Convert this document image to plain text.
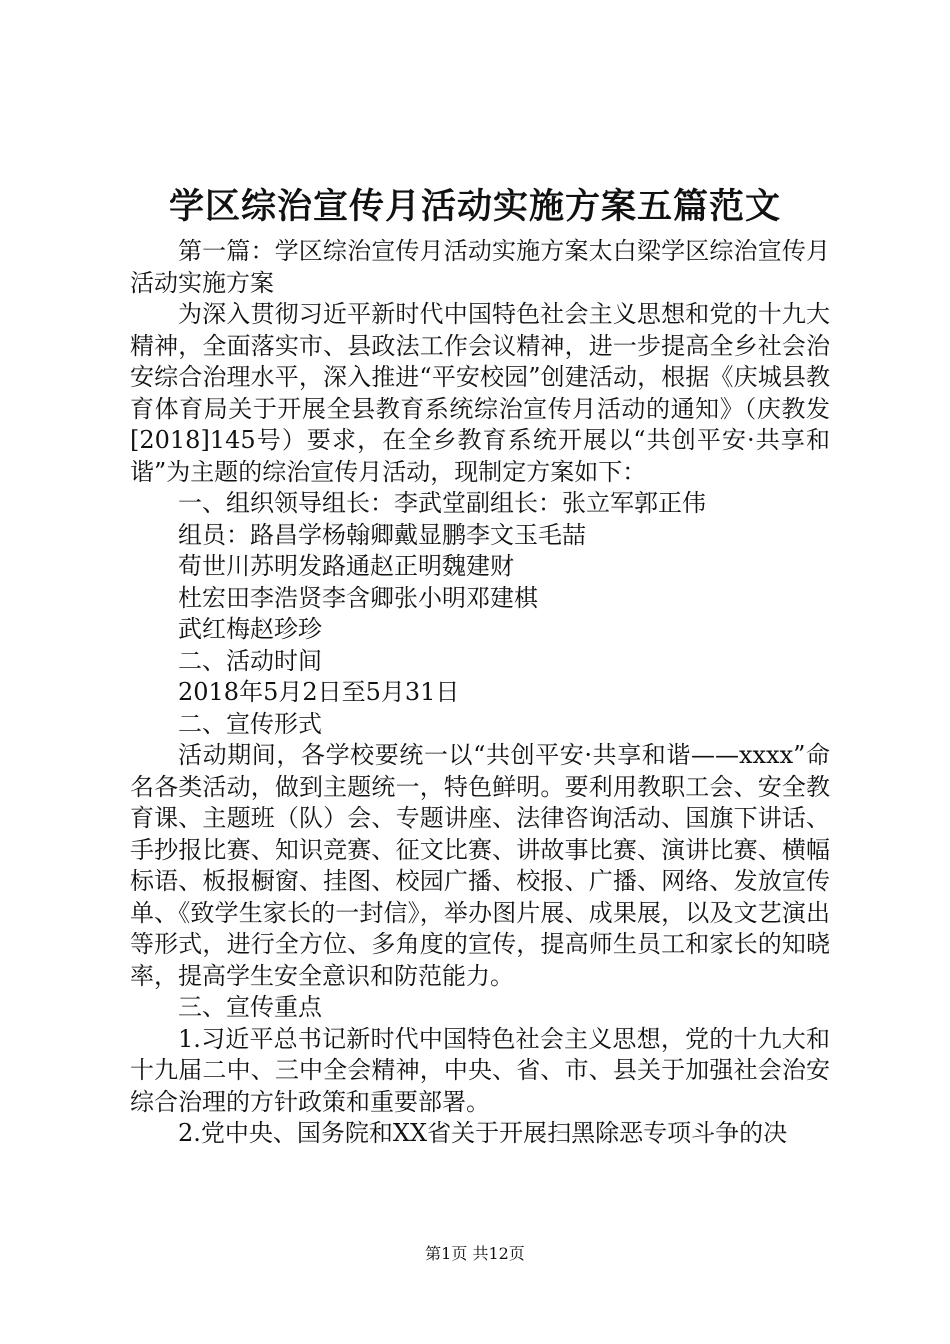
学区综治宣传月活动实施方案五篇范文

第一篇：学区综治宣传月活动实施方案太白梁学区综治宣传月活动实施方案

为深入贯彻习近平新时代中国特色社会主义思想和党的十九大精神，全面落实市、县政法工作会议精神，进一步提高全乡社会治安综合治理水平，深入推进“平安校园”创建活动，根据《庆城县教育体育局关于开展全县教育系统综治宣传月活动的通知》（庆教发[2018]145号）要求，在全乡教育系统开展以“共创平安·共享和谐”为主题的综治宣传月活动，现制定方案如下：

一、组织领导组长：李武堂副组长：张立军郭正伟

组员：路昌学杨翰卿戴显鹏李文玉毛喆

荀世川苏明发路通赵正明魏建财

杜宏田李浩贤李含卿张小明邓建棋

武红梅赵珍珍

二、活动时间

2018年5月2日至5月31日

二、宣传形式

活动期间，各学校要统一以“共创平安·共享和谐——xxxx”命名各类活动，做到主题统一，特色鲜明。要利用教职工会、安全教育课、主题班（队）会、专题讲座、法律咨询活动、国旗下讲话、手抄报比赛、知识竞赛、征文比赛、讲故事比赛、演讲比赛、横幅标语、板报橱窗、挂图、校园广播、校报、广播、网络、发放宣传单、《致学生家长的一封信》，举办图片展、成果展，以及文艺演出等形式，进行全方位、多角度的宣传，提高师生员工和家长的知晓率，提高学生安全意识和防范能力。

三、宣传重点

1.习近平总书记新时代中国特色社会主义思想，党的十九大和十九届二中、三中全会精神，中央、省、市、县关于加强社会治安综合治理的方针政策和重要部署。

2.党中央、国务院和XX省关于开展扫黑除恶专项斗争的决

第1页 共12页
